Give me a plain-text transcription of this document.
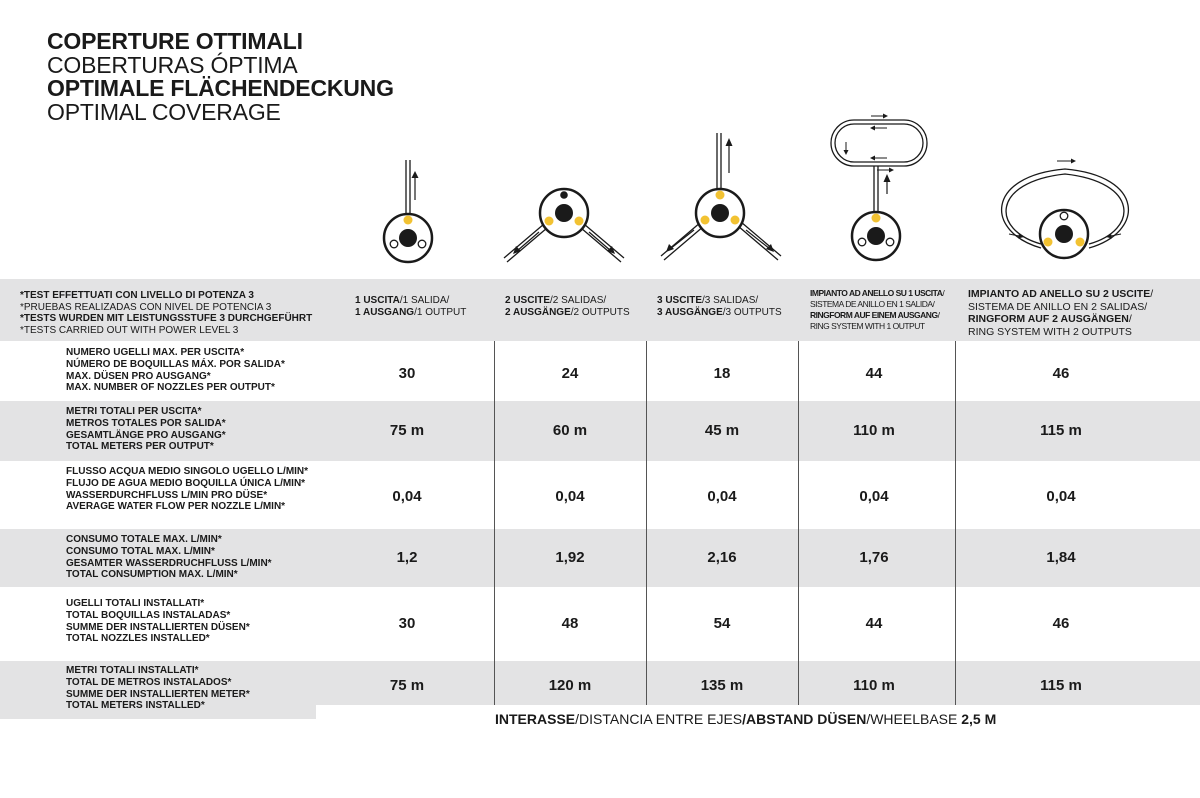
COPERTURE OTTIMALI
COBERTURAS ÓPTIMA
OPTIMALE FLÄCHENDECKUNG
OPTIMAL COVERAGE
*TEST EFFETTUATI CON LIVELLO DI POTENZA 3
*PRUEBAS REALIZADAS CON NIVEL DE POTENCIA 3
*TESTS WURDEN MIT LEISTUNGSSTUFE 3 DURCHGEFÜHRT
*TESTS CARRIED OUT WITH POWER LEVEL 3
1 USCITA/1 SALIDA/
1 AUSGANG/1 OUTPUT
2 USCITE/2 SALIDAS/
2 AUSGÄNGE/2 OUTPUTS
3 USCITE/3 SALIDAS/
3 AUSGÄNGE/3 OUTPUTS
IMPIANTO AD ANELLO SU 1 USCITA/
SISTEMA DE ANILLO EN 1 SALIDA/
RINGFORM AUF EINEM AUSGANG/
RING SYSTEM WITH 1 OUTPUT
IMPIANTO AD ANELLO SU 2 USCITE/
SISTEMA DE ANILLO EN 2 SALIDAS/
RINGFORM AUF 2 AUSGÄNGEN/
RING SYSTEM WITH 2 OUTPUTS
NUMERO UGELLI MAX. PER USCITA*
NÚMERO DE BOQUILLAS MÁX. POR SALIDA*
MAX. DÜSEN PRO AUSGANG*
MAX. NUMBER OF NOZZLES PER OUTPUT*
30	24	18	44	46
METRI TOTALI PER USCITA*
METROS TOTALES POR SALIDA*
GESAMTLÄNGE PRO AUSGANG*
TOTAL METERS PER OUTPUT*
75 m	60 m	45 m	110 m	115 m
FLUSSO ACQUA MEDIO SINGOLO UGELLO L/MIN*
FLUJO DE AGUA MEDIO BOQUILLA ÚNICA L/MIN*
WASSERDURCHFLUSS L/MIN PRO DÜSE*
AVERAGE WATER FLOW PER NOZZLE L/MIN*
0,04	0,04	0,04	0,04	0,04
CONSUMO TOTALE MAX. L/MIN*
CONSUMO TOTAL MAX. L/MIN*
GESAMTER WASSERDRUCHFLUSS L/MIN*
TOTAL CONSUMPTION MAX. L/MIN*
1,2	1,92	2,16	1,76	1,84
UGELLI TOTALI INSTALLATI*
TOTAL BOQUILLAS INSTALADAS*
SUMME DER INSTALLIERTEN DÜSEN*
TOTAL NOZZLES INSTALLED*
30	48	54	44	46
METRI TOTALI INSTALLATI*
TOTAL DE METROS INSTALADOS*
SUMME DER INSTALLIERTEN METER*
TOTAL METERS INSTALLED*
75 m	120 m	135 m	110 m	115 m
INTERASSE/DISTANCIA ENTRE EJES/ABSTAND DÜSEN/WHEELBASE 2,5 M
